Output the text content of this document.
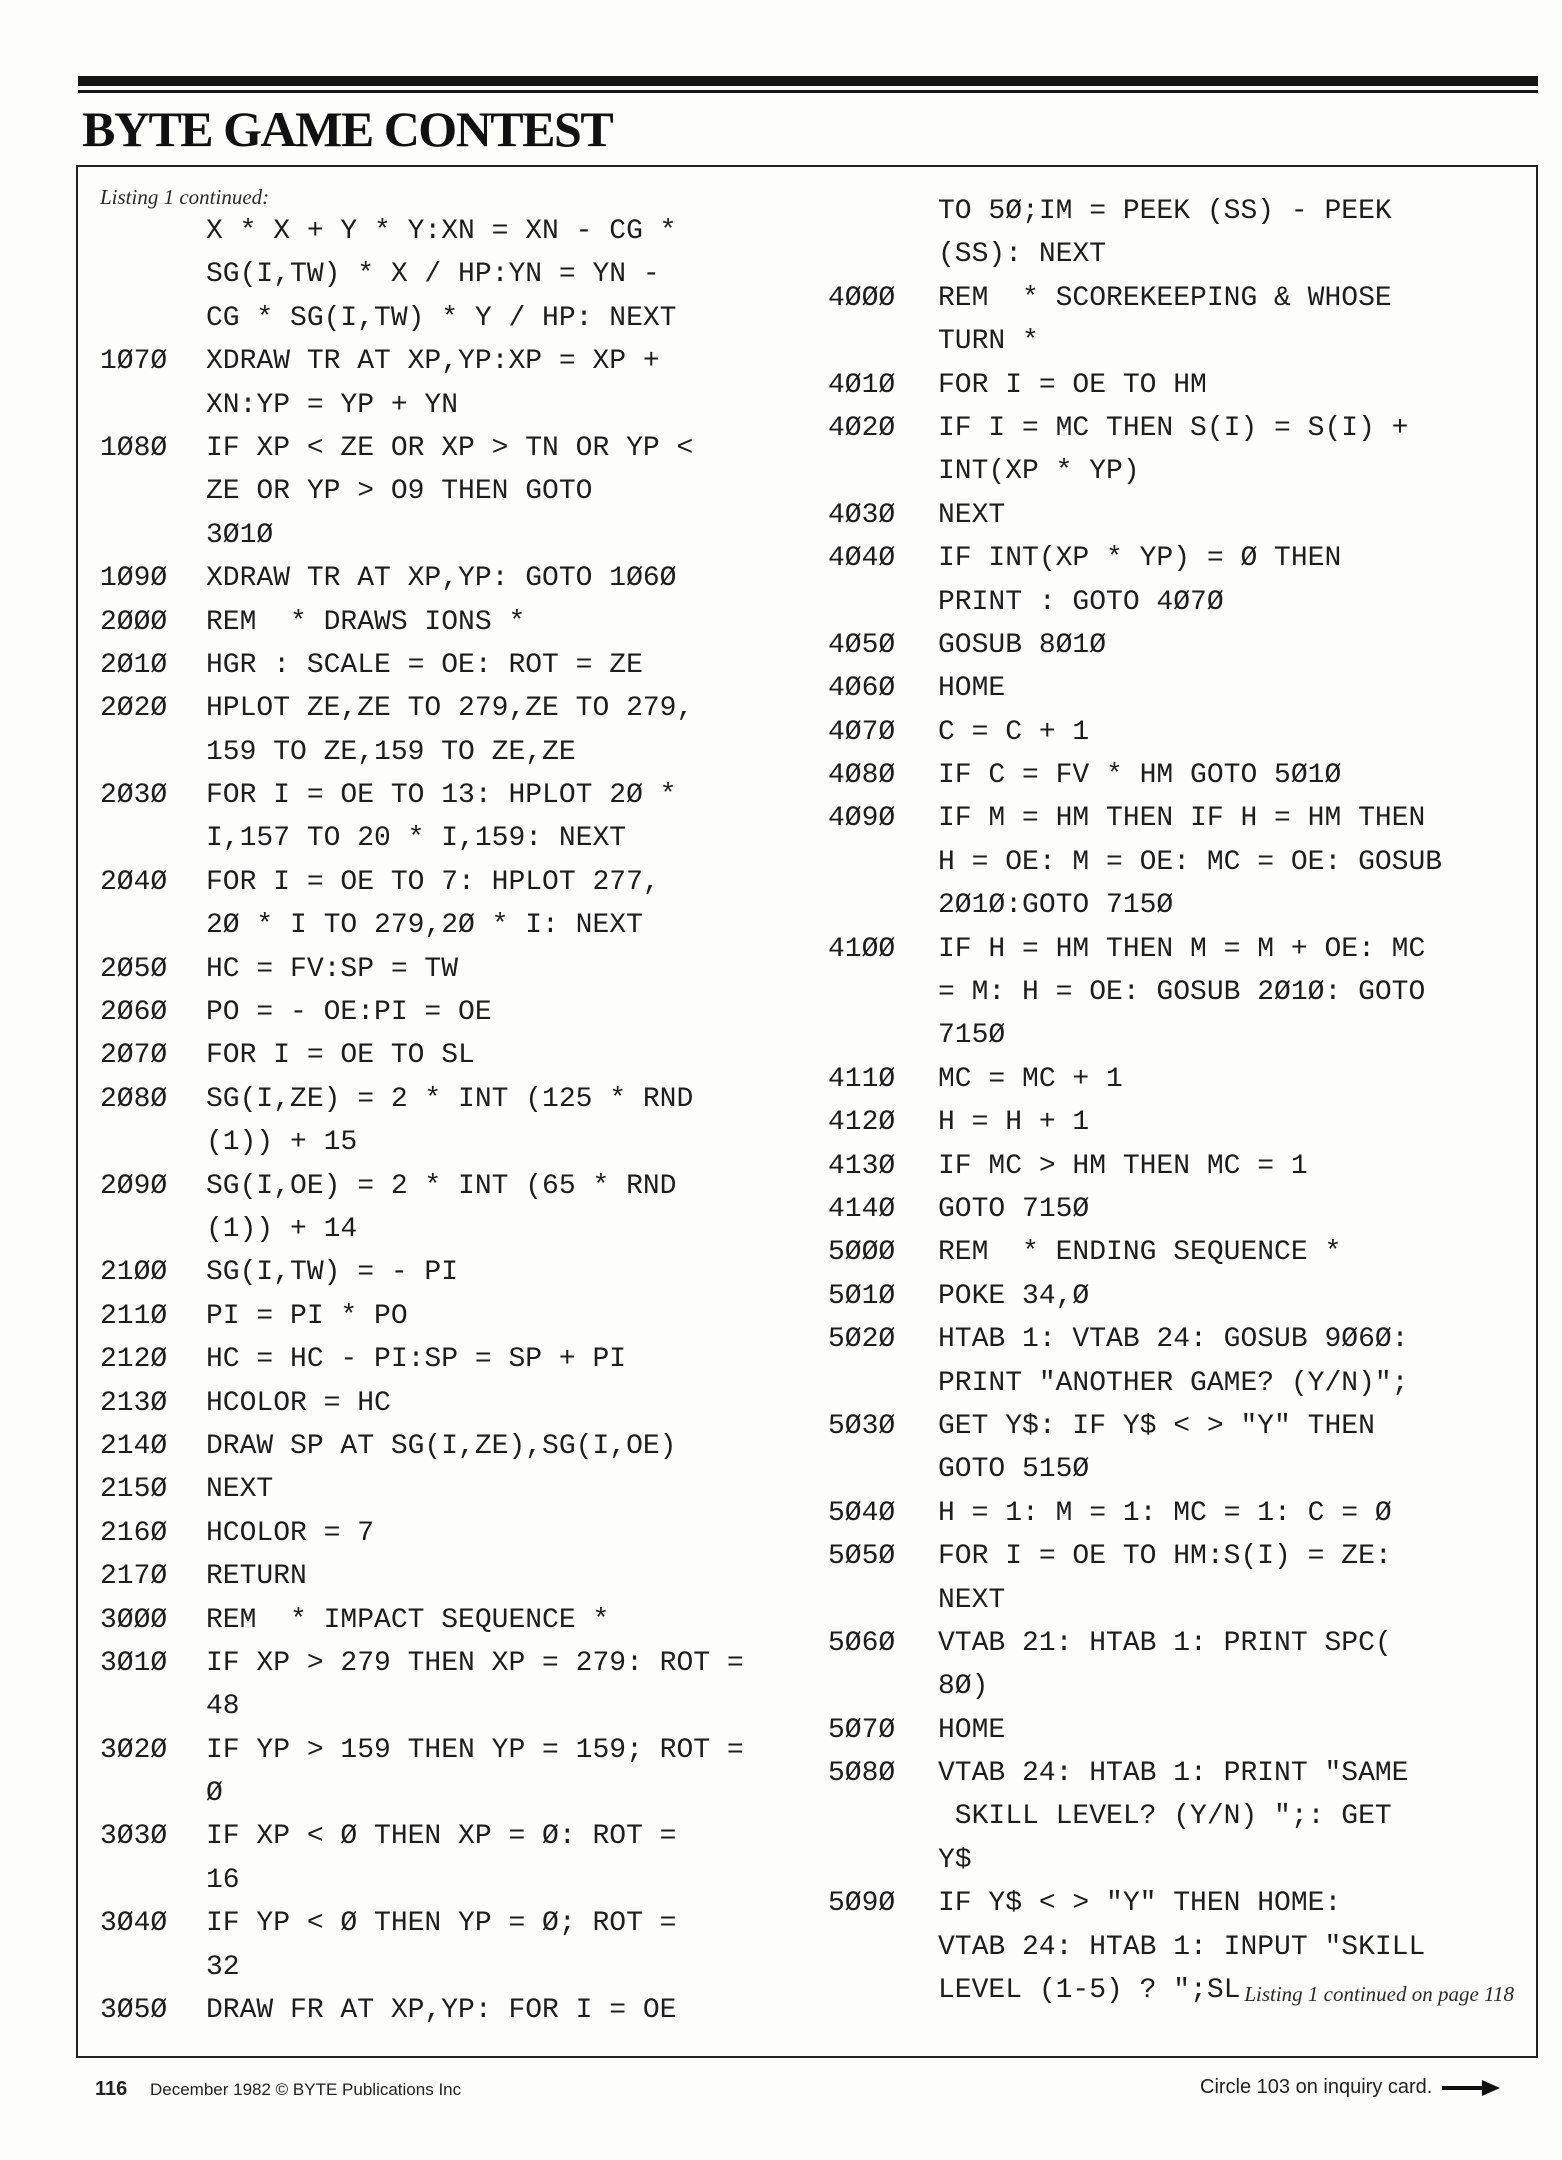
BYTE GAME CONTEST
Listing 1 continued:
X * X + Y * Y:XN = XN - CG *
SG(I,TW) * X / HP:YN = YN -
CG * SG(I,TW) * Y / HP: NEXT
1Ø7Ø XDRAW TR AT XP,YP:XP = XP +
XN:YP = YP + YN
1Ø8Ø IF XP < ZE OR XP > TN OR YP <
ZE OR YP > O9 THEN GOTO
3Ø1Ø
1Ø9Ø XDRAW TR AT XP,YP: GOTO 1Ø6Ø
2ØØØ REM  * DRAWS IONS *
2Ø1Ø HGR : SCALE = OE: ROT = ZE
2Ø2Ø HPLOT ZE,ZE TO 279,ZE TO 279,
159 TO ZE,159 TO ZE,ZE
2Ø3Ø FOR I = OE TO 13: HPLOT 2Ø *
I,157 TO 20 * I,159: NEXT
2Ø4Ø FOR I = OE TO 7: HPLOT 277,
2Ø * I TO 279,2Ø * I: NEXT
2Ø5Ø HC = FV:SP = TW
2Ø6Ø PO = - OE:PI = OE
2Ø7Ø FOR I = OE TO SL
2Ø8Ø SG(I,ZE) = 2 * INT (125 * RND
(1)) + 15
2Ø9Ø SG(I,OE) = 2 * INT (65 * RND
(1)) + 14
21ØØ SG(I,TW) = - PI
211Ø PI = PI * PO
212Ø HC = HC - PI:SP = SP + PI
213Ø HCOLOR = HC
214Ø DRAW SP AT SG(I,ZE),SG(I,OE)
215Ø NEXT
216Ø HCOLOR = 7
217Ø RETURN
3ØØØ REM  * IMPACT SEQUENCE *
3Ø1Ø IF XP > 279 THEN XP = 279: ROT =
48
3Ø2Ø IF YP > 159 THEN YP = 159; ROT =
Ø
3Ø3Ø IF XP < Ø THEN XP = Ø: ROT =
16
3Ø4Ø IF YP < Ø THEN YP = Ø; ROT =
32
3Ø5Ø DRAW FR AT XP,YP: FOR I = OE
TO 5Ø;IM = PEEK (SS) - PEEK
(SS): NEXT
4ØØØ REM  * SCOREKEEPING & WHOSE
TURN *
4Ø1Ø FOR I = OE TO HM
4Ø2Ø IF I = MC THEN S(I) = S(I) +
INT(XP * YP)
4Ø3Ø NEXT
4Ø4Ø IF INT(XP * YP) = Ø THEN
PRINT : GOTO 4Ø7Ø
4Ø5Ø GOSUB 8Ø1Ø
4Ø6Ø HOME
4Ø7Ø C = C + 1
4Ø8Ø IF C = FV * HM GOTO 5Ø1Ø
4Ø9Ø IF M = HM THEN IF H = HM THEN
H = OE: M = OE: MC = OE: GOSUB
2Ø1Ø:GOTO 715Ø
41ØØ IF H = HM THEN M = M + OE: MC
= M: H = OE: GOSUB 2Ø1Ø: GOTO
715Ø
411Ø MC = MC + 1
412Ø H = H + 1
413Ø IF MC > HM THEN MC = 1
414Ø GOTO 715Ø
5ØØØ REM  * ENDING SEQUENCE *
5Ø1Ø POKE 34,Ø
5Ø2Ø HTAB 1: VTAB 24: GOSUB 9Ø6Ø:
PRINT "ANOTHER GAME? (Y/N)";
5Ø3Ø GET Y$: IF Y$ < > "Y" THEN
GOTO 515Ø
5Ø4Ø H = 1: M = 1: MC = 1: C = Ø
5Ø5Ø FOR I = OE TO HM:S(I) = ZE:
NEXT
5Ø6Ø VTAB 21: HTAB 1: PRINT SPC(
8Ø)
5Ø7Ø HOME
5Ø8Ø VTAB 24: HTAB 1: PRINT "SAME
SKILL LEVEL? (Y/N) ";: GET
Y$
5Ø9Ø IF Y$ < > "Y" THEN HOME:
VTAB 24: HTAB 1: INPUT "SKILL
LEVEL (1-5) ? ";SL Listing 1 continued on page 118
116 December 1982 © BYTE Publications Inc	Circle 103 on inquiry card.
